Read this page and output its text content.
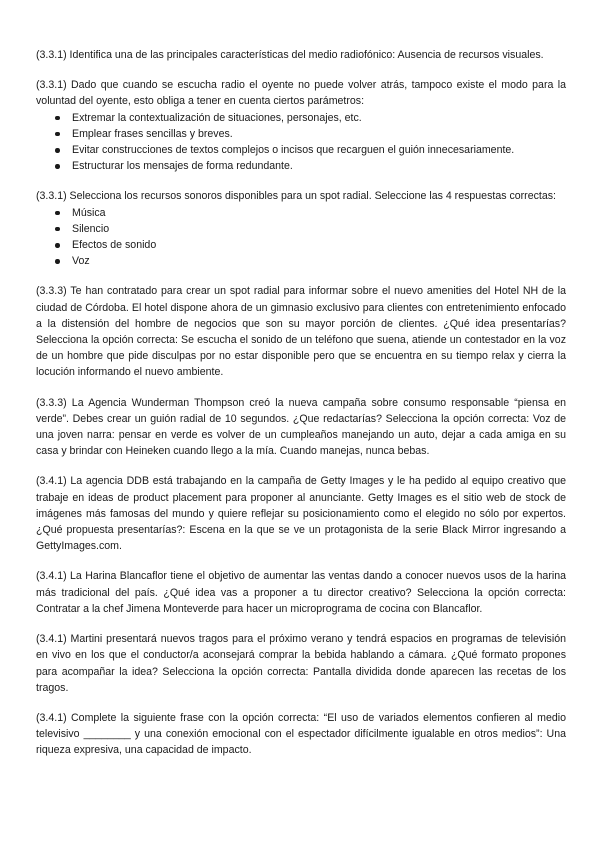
(3.3.1) Identifica una de las principales características del medio radiofónico: Ausencia de recursos visuales.

(3.3.1) Dado que cuando se escucha radio el oyente no puede volver atrás, tampoco existe el modo para la voluntad del oyente, esto obliga a tener en cuenta ciertos parámetros:

Extremar la contextualización de situaciones, personajes, etc.
Emplear frases sencillas y breves.
Evitar construcciones de textos complejos o incisos que recarguen el guión innecesariamente.
Estructurar los mensajes de forma redundante.

(3.3.1) Selecciona los recursos sonoros disponibles para un spot radial. Seleccione las 4 respuestas correctas:

Música
Silencio
Efectos de sonido
Voz

(3.3.3) Te han contratado para crear un spot radial para informar sobre el nuevo amenities del Hotel NH de la ciudad de Córdoba. El hotel dispone ahora de un gimnasio exclusivo para clientes con entretenimiento enfocado a la distensión del hombre de negocios que son su mayor porción de clientes. ¿Qué idea presentarías? Selecciona la opción correcta: Se escucha el sonido de un teléfono que suena, atiende un contestador en la voz de un hombre que pide disculpas por no estar disponible pero que se encuentra en su tiempo relax y cierra la locución informando el nuevo ambiente.

(3.3.3) La Agencia Wunderman Thompson creó la nueva campaña sobre consumo responsable “piensa en verde”. Debes crear un guión radial de 10 segundos. ¿Que redactarías? Selecciona la opción correcta: Voz de una joven narra: pensar en verde es volver de un cumpleaños manejando un auto, dejar a cada amiga en su casa y brindar con Heineken cuando llego a la mía. Cuando manejas, nunca bebas.

(3.4.1) La agencia DDB está trabajando en la campaña de Getty Images y le ha pedido al equipo creativo que trabaje en ideas de product placement para proponer al anunciante. Getty Images es el sitio web de stock de imágenes más famosas del mundo y quiere reflejar su posicionamiento como el elegido no sólo por expertos. ¿Qué propuesta presentarías?: Escena en la que se ve un protagonista de la serie Black Mirror ingresando a GettyImages.com.

(3.4.1) La Harina Blancaflor tiene el objetivo de aumentar las ventas dando a conocer nuevos usos de la harina más tradicional del país. ¿Qué idea vas a proponer a tu director creativo? Selecciona la opción correcta: Contratar a la chef Jimena Monteverde para hacer un microprograma de cocina con Blancaflor.

(3.4.1) Martini presentará nuevos tragos para el próximo verano y tendrá espacios en programas de televisión en vivo en los que el conductor/a aconsejará comprar la bebida hablando a cámara. ¿Qué formato propones para acompañar la idea? Selecciona la opción correcta: Pantalla dividida donde aparecen las recetas de los tragos.

(3.4.1) Complete la siguiente frase con la opción correcta: “El uso de variados elementos confieren al medio televisivo ________ y una conexión emocional con el espectador difícilmente igualable en otros medios”: Una riqueza expresiva, una capacidad de impacto.
